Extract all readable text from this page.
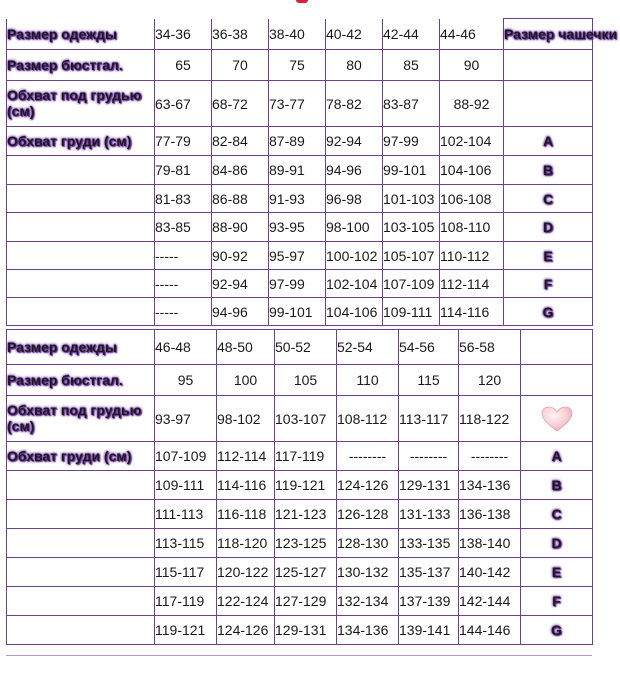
Размер одежды	34-36	36-38	38-40	40-42	42-44	44-46	Размер чашечки
Размер бюстгал.	65	70	75	80	85	90	
Обхват под грудью (см)	63-67	68-72	73-77	78-82	83-87	88-92	
Обхват груди (см)	77-79	82-84	87-89	92-94	97-99	102-104	A
	79-81	84-86	89-91	94-96	99-101	104-106	B
	81-83	86-88	91-93	96-98	101-103	106-108	C
	83-85	88-90	93-95	98-100	103-105	108-110	D
	-----	90-92	95-97	100-102	105-107	110-112	E
	-----	92-94	97-99	102-104	107-109	112-114	F
	-----	94-96	99-101	104-106	109-111	114-116	G
Размер одежды	46-48	48-50	50-52	52-54	54-56	56-58	
Размер бюстгал.	95	100	105	110	115	120	
Обхват под грудью (см)	93-97	98-102	103-107	108-112	113-117	118-122	
Обхват груди (см)	107-109	112-114	117-119	--------	--------	--------	A
	109-111	114-116	119-121	124-126	129-131	134-136	B
	111-113	116-118	121-123	126-128	131-133	136-138	C
	113-115	118-120	123-125	128-130	133-135	138-140	D
	115-117	120-122	125-127	130-132	135-137	140-142	E
	117-119	122-124	127-129	132-134	137-139	142-144	F
	119-121	124-126	129-131	134-136	139-141	144-146	G
